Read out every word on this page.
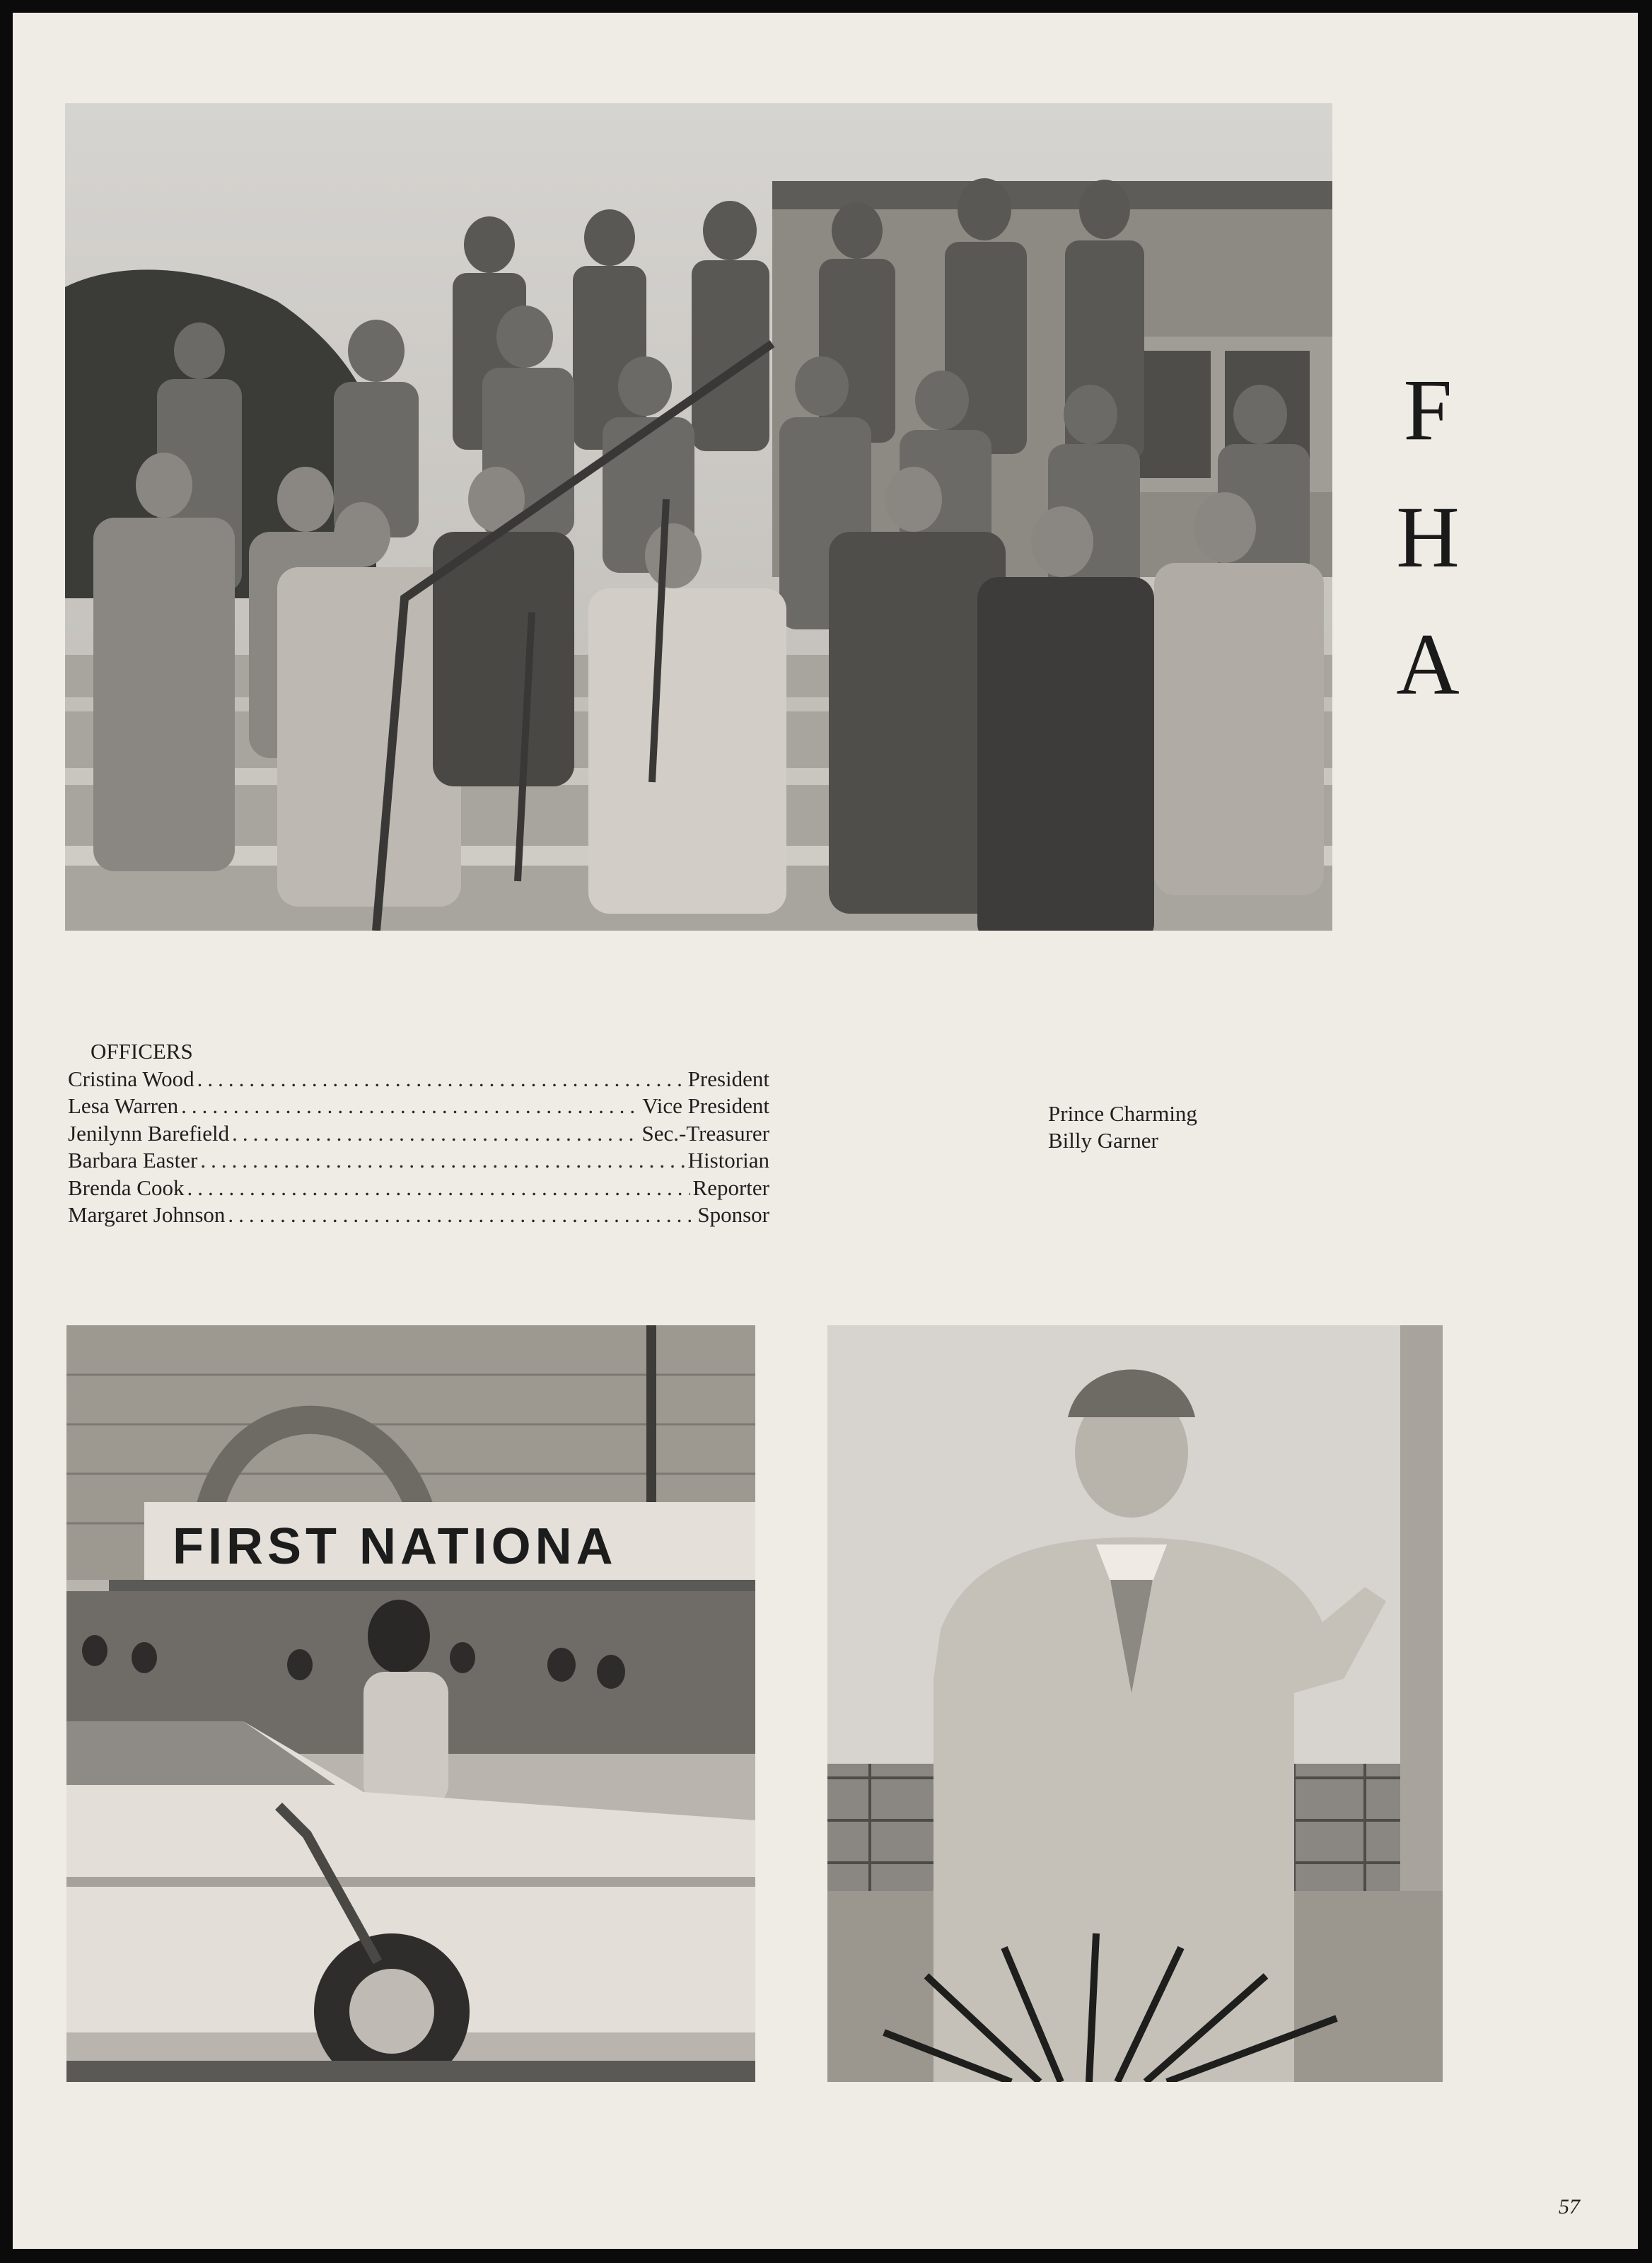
F
H
A
OFFICERS
Cristina Wood .....	President
Lesa Warren .....	Vice President
Jenilynn Barefield .....	Sec.-Treasurer
Barbara Easter .....	Historian
Brenda Cook .....	Reporter
Margaret Johnson .....	Sponsor
Prince Charming
Billy Garner
FIRST NATIONA
57
